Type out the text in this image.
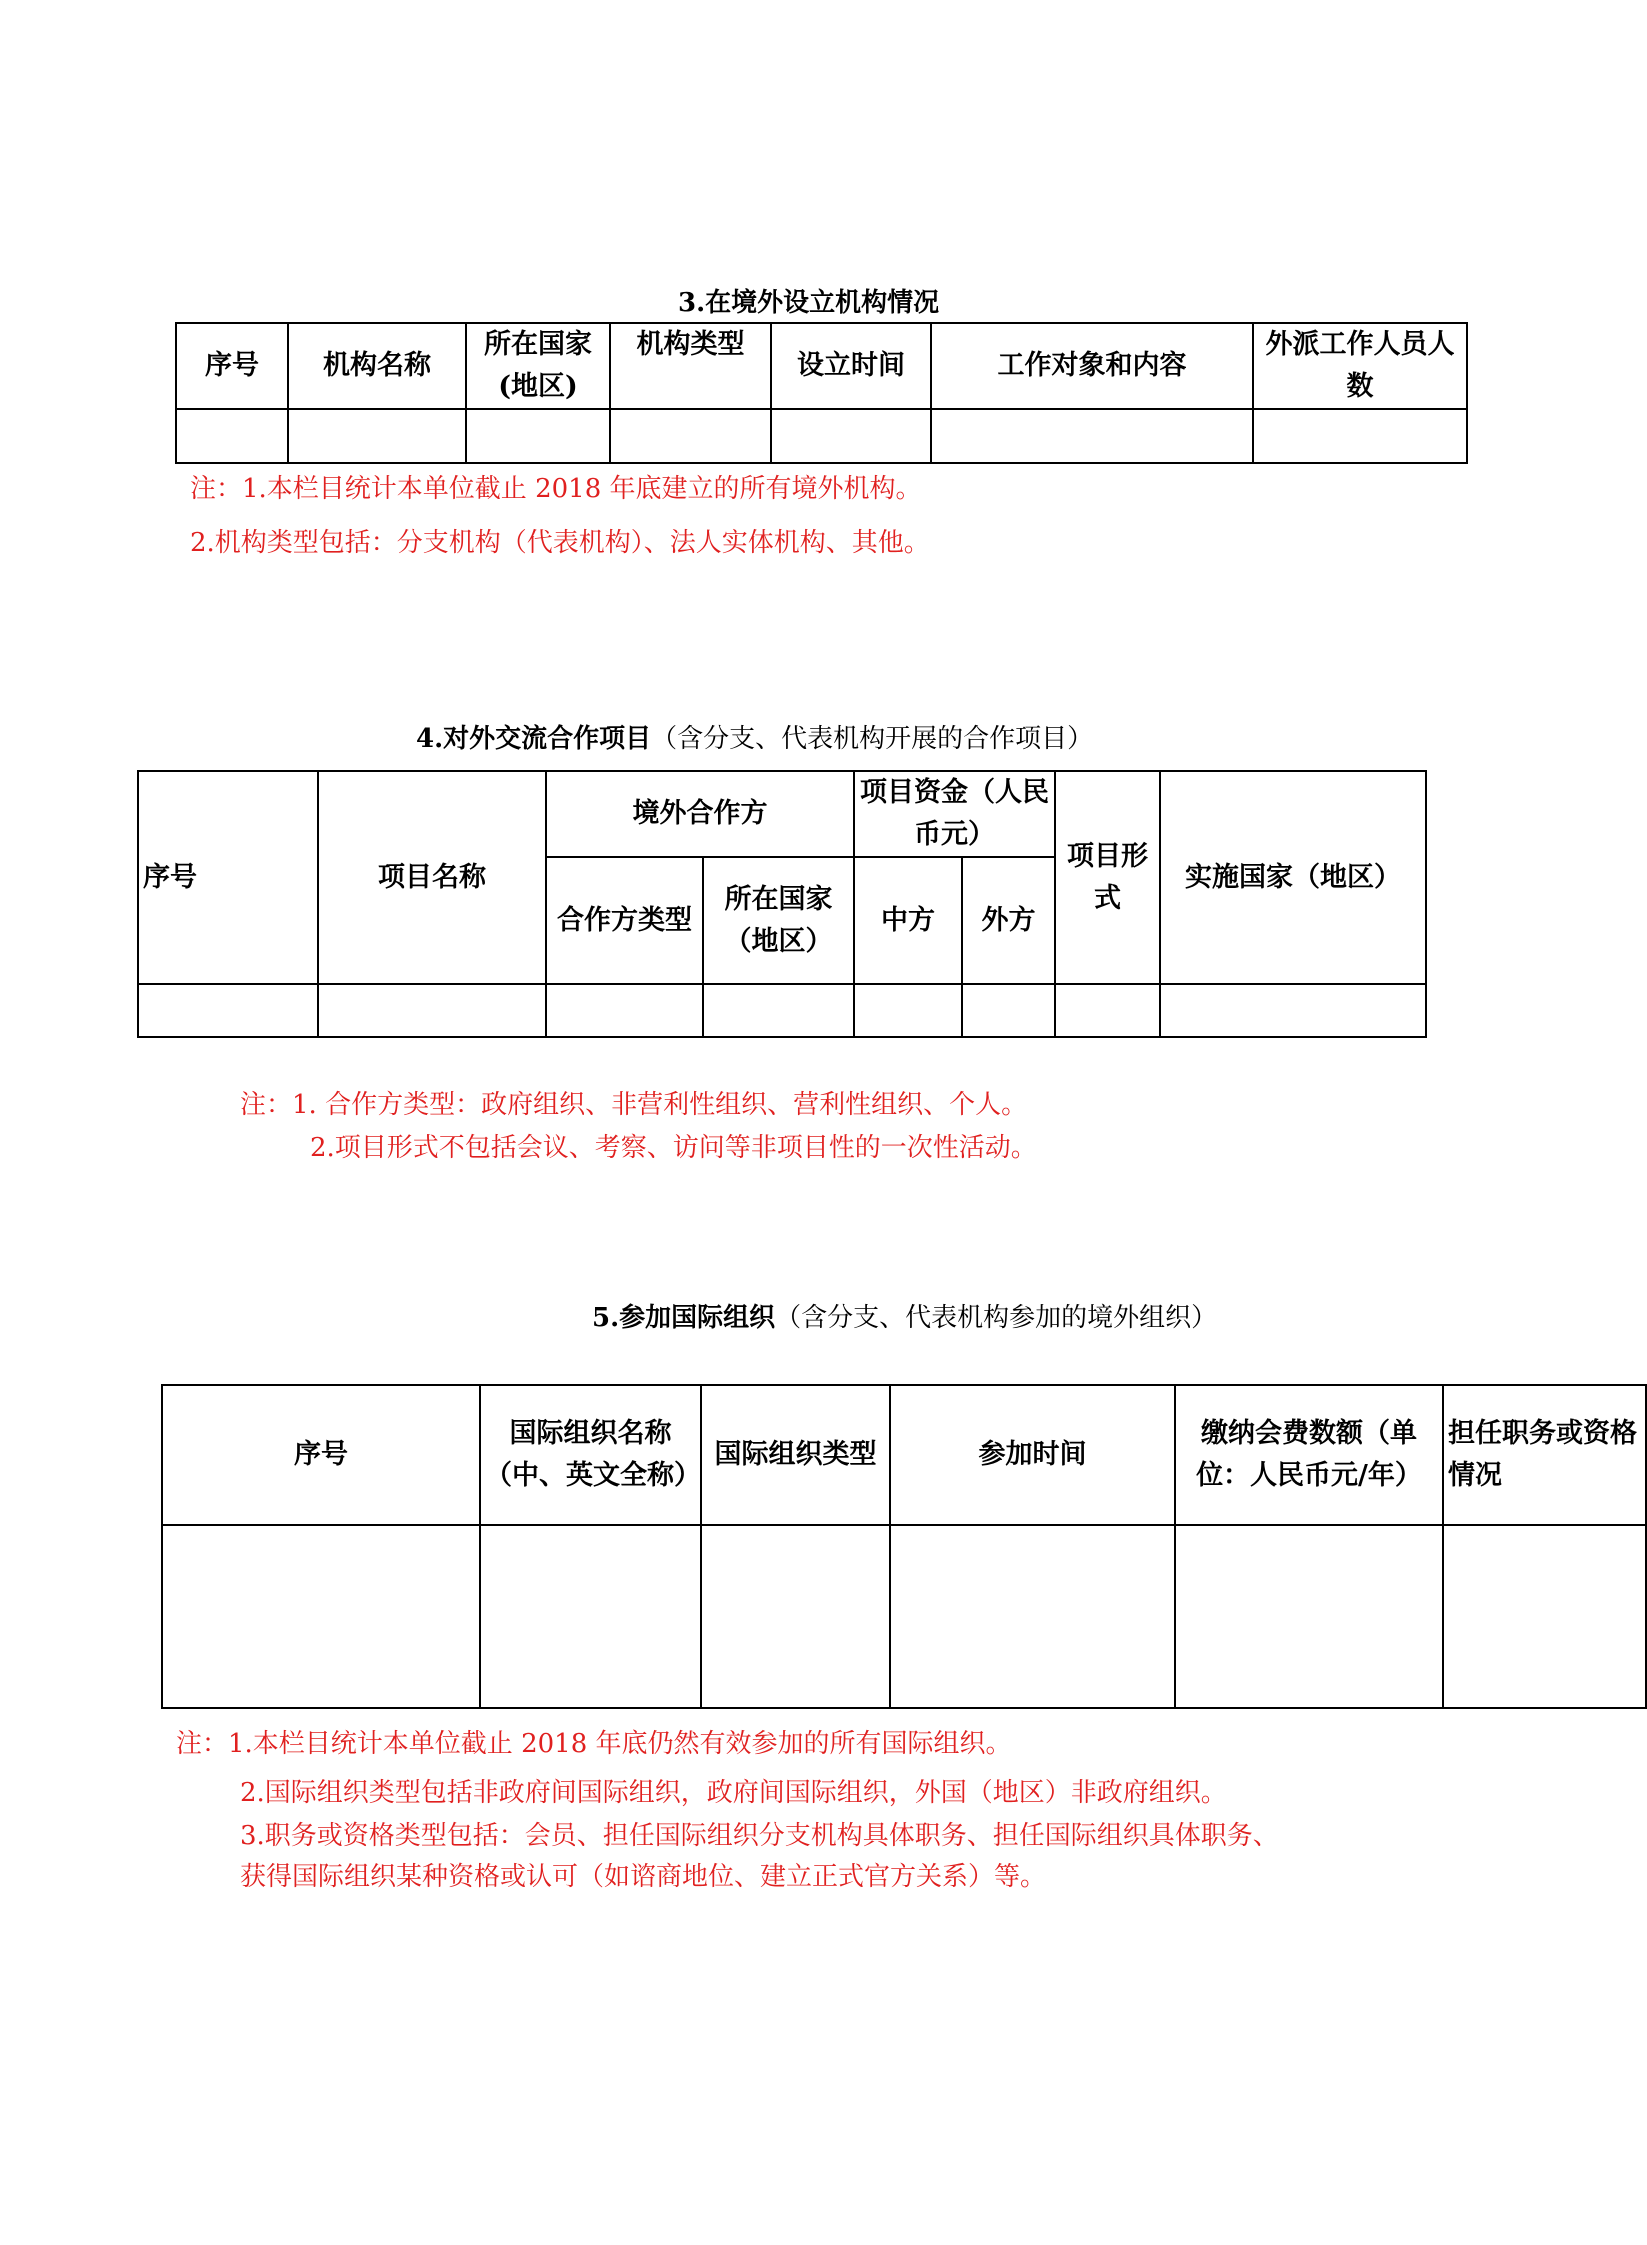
3.在境外设立机构情况
序号	机构名称	所在国家(地区)	机构类型	设立时间	工作对象和内容	外派工作人员人数

注：1.本栏目统计本单位截止 2018 年底建立的所有境外机构。
2.机构类型包括：分支机构（代表机构）、法人实体机构、其他。
4.对外交流合作项目（含分支、代表机构开展的合作项目）
序号	项目名称	境外合作方		项目资金（人民币元）		项目形式	实施国家（地区）
		合作方类型	所在国家（地区）	中方	外方		

注：1. 合作方类型：政府组织、非营利性组织、营利性组织、个人。
2.项目形式不包括会议、考察、访问等非项目性的一次性活动。
5.参加国际组织（含分支、代表机构参加的境外组织）
序号	国际组织名称（中、英文全称）	国际组织类型	参加时间	缴纳会费数额（单位：人民币元/年）	担任职务或资格情况

注：1.本栏目统计本单位截止 2018 年底仍然有效参加的所有国际组织。
2.国际组织类型包括非政府间国际组织，政府间国际组织，外国（地区）非政府组织。
3.职务或资格类型包括：会员、担任国际组织分支机构具体职务、担任国际组织具体职务、
获得国际组织某种资格或认可（如谘商地位、建立正式官方关系）等。
